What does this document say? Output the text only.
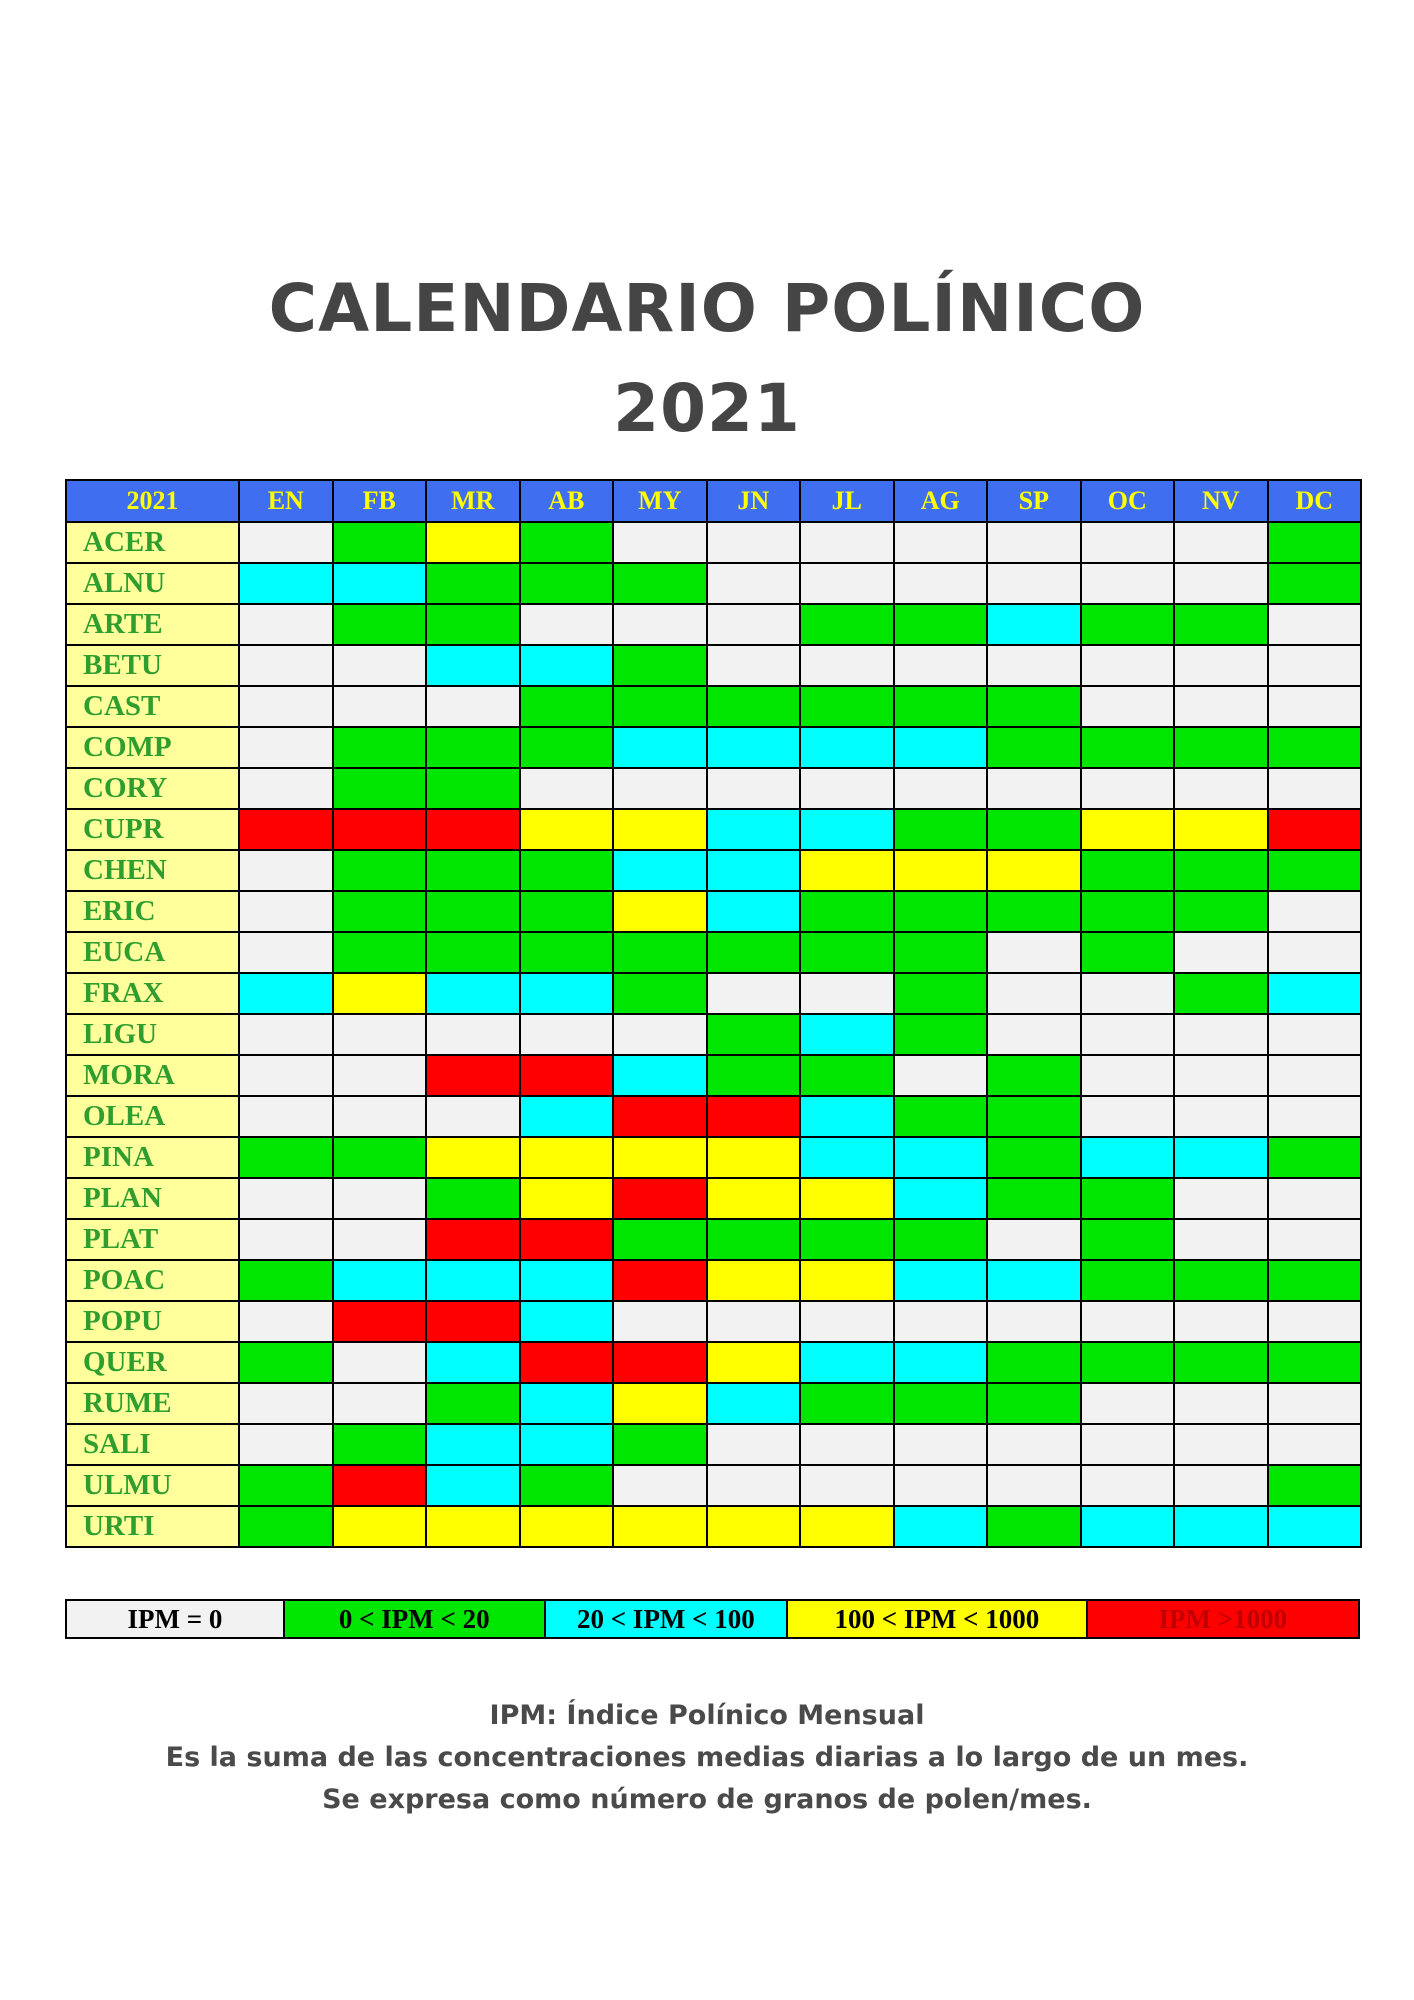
CALENDARIO POLÍNICO
2021
2021	EN	FB	MR	AB	MY	JN	JL	AG	SP	OC	NV	DC
ACER												
ALNU												
ARTE												
BETU												
CAST												
COMP												
CORY												
CUPR												
CHEN												
ERIC												
EUCA												
FRAX												
LIGU												
MORA												
OLEA												
PINA												
PLAN												
PLAT												
POAC												
POPU												
QUER												
RUME												
SALI												
ULMU												
URTI												
IPM = 0	0 < IPM < 20	20 < IPM < 100	100 < IPM < 1000	IPM >1000
IPM: Índice Polínico Mensual
Es la suma de las concentraciones medias diarias a lo largo de un mes.
Se expresa como número de granos de polen/mes.
